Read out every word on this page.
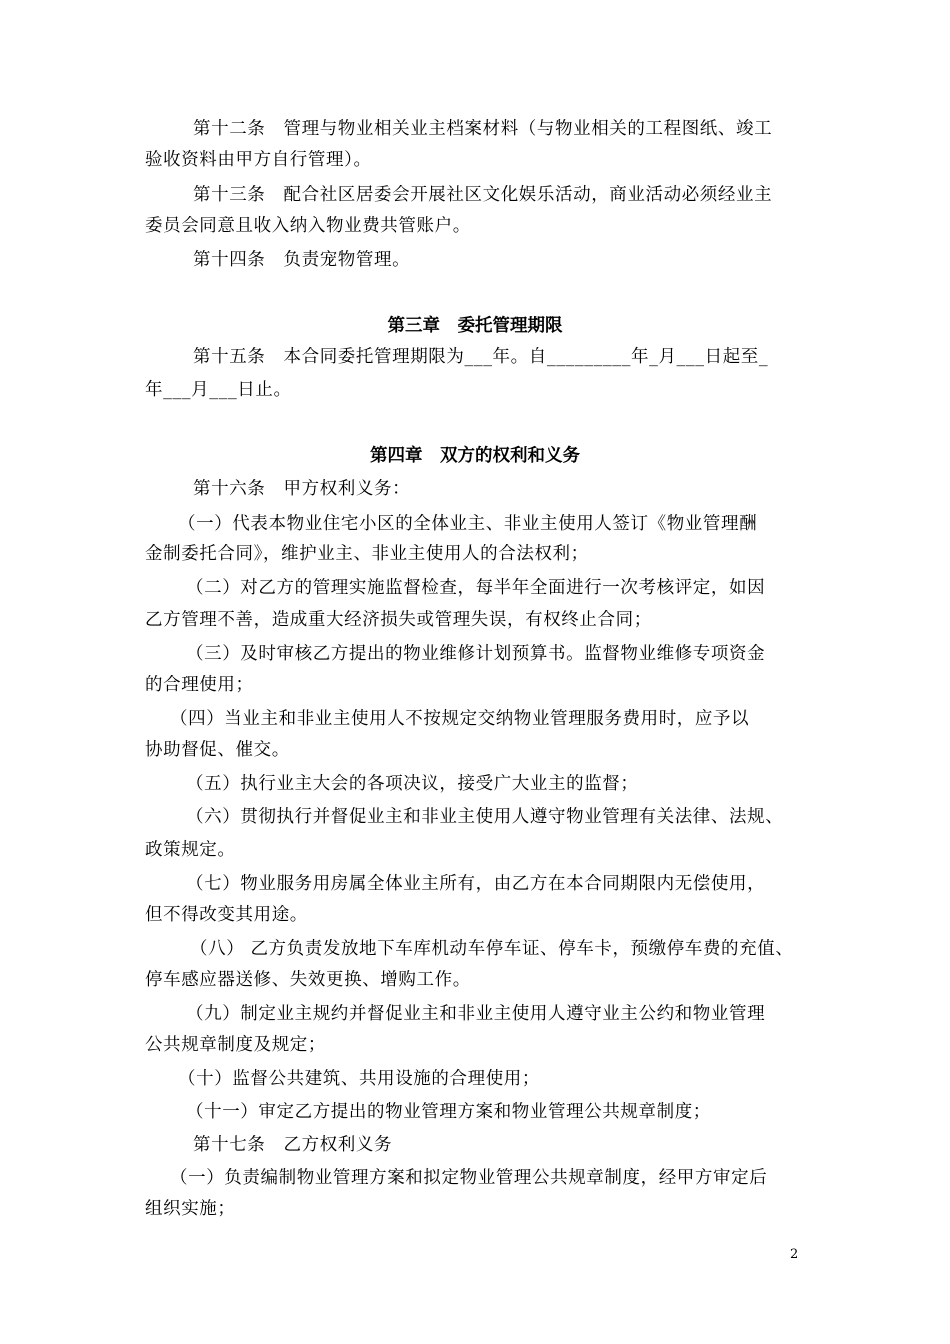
第十二条　管理与物业相关业主档案材料（与物业相关的工程图纸、竣工
验收资料由甲方自行管理）。
第十三条　配合社区居委会开展社区文化娱乐活动，商业活动必须经业主
委员会同意且收入纳入物业费共管账户。
第十四条　负责宠物管理。
第三章　委托管理期限
第十五条　本合同委托管理期限为___年。自_________年_月___日起至_
年___月___日止。
第四章　双方的权利和义务
第十六条　甲方权利义务：
（一）代表本物业住宅小区的全体业主、非业主使用人签订《物业管理酬
金制委托合同》，维护业主、非业主使用人的合法权利；
（二）对乙方的管理实施监督检查，每半年全面进行一次考核评定，如因
乙方管理不善，造成重大经济损失或管理失误，有权终止合同；
（三）及时审核乙方提出的物业维修计划预算书。监督物业维修专项资金
的合理使用；
（四）当业主和非业主使用人不按规定交纳物业管理服务费用时，应予以
协助督促、催交。
（五）执行业主大会的各项决议，接受广大业主的监督；
（六）贯彻执行并督促业主和非业主使用人遵守物业管理有关法律、法规、
政策规定。
（七）物业服务用房属全体业主所有，由乙方在本合同期限内无偿使用，
但不得改变其用途。
（八） 乙方负责发放地下车库机动车停车证、停车卡，预缴停车费的充值、
停车感应器送修、失效更换、增购工作。
（九）制定业主规约并督促业主和非业主使用人遵守业主公约和物业管理
公共规章制度及规定；
（十）监督公共建筑、共用设施的合理使用；
（十一）审定乙方提出的物业管理方案和物业管理公共规章制度；
第十七条　乙方权利义务
（一）负责编制物业管理方案和拟定物业管理公共规章制度，经甲方审定后
组织实施；
2
